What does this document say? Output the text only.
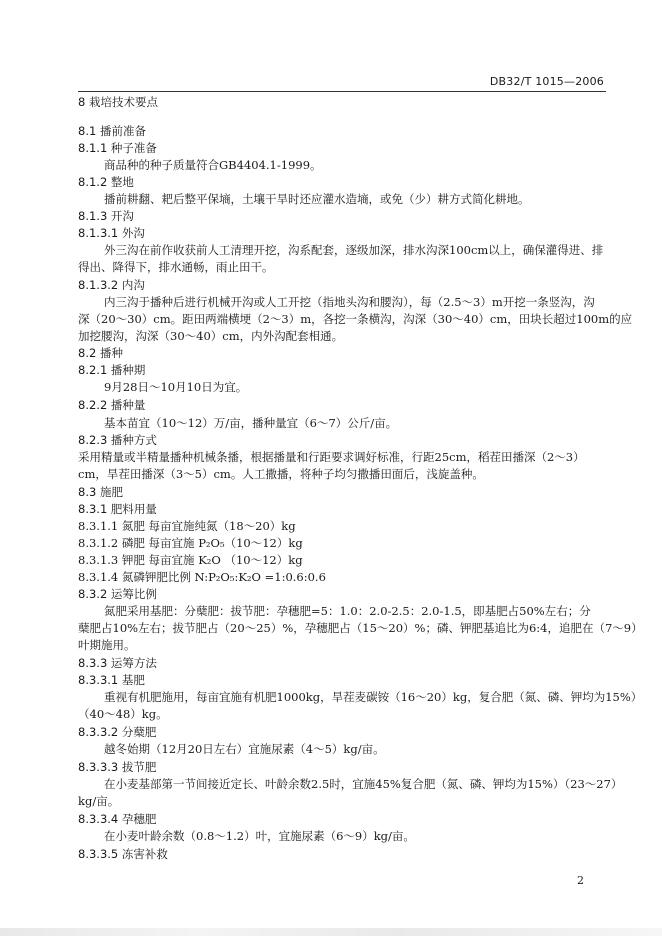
DB32/T 1015—2006
8 栽培技术要点
8.1 播前准备
8.1.1 种子准备
商品种的种子质量符合GB4404.1-1999。
8.1.2 整地
播前耕翻、耙后整平保墒，土壤干旱时还应灌水造墒，或免（少）耕方式简化耕地。
8.1.3 开沟
8.1.3.1 外沟
外三沟在前作收获前人工清理开挖，沟系配套，逐级加深，排水沟深100cm以上，确保灌得进、排
得出、降得下，排水通畅，雨止田干。
8.1.3.2 内沟
内三沟于播种后进行机械开沟或人工开挖（指地头沟和腰沟），每（2.5～3）m开挖一条竖沟，沟
深（20～30）cm。距田两端横埂（2～3）m，各挖一条横沟，沟深（30～40）cm，田块长超过100m的应
加挖腰沟，沟深（30～40）cm，内外沟配套相通。
8.2 播种
8.2.1 播种期
9月28日～10月10日为宜。
8.2.2 播种量
基本苗宜（10～12）万/亩，播种量宜（6～7）公斤/亩。
8.2.3 播种方式
采用精量或半精量播种机械条播，根据播量和行距要求调好标准，行距25cm，稻茬田播深（2～3）
cm，旱茬田播深（3～5）cm。人工撒播，将种子均匀撒播田面后，浅旋盖种。
8.3 施肥
8.3.1 肥料用量
8.3.1.1 氮肥 每亩宜施纯氮（18～20）kg
8.3.1.2 磷肥 每亩宜施 P₂O₅（10～12）kg
8.3.1.3 钾肥 每亩宜施 K₂O （10～12）kg
8.3.1.4 氮磷钾肥比例 N:P₂O₅:K₂O =1:0.6:0.6
8.3.2 运筹比例
氮肥采用基肥：分蘖肥：拔节肥：孕穗肥=5：1.0：2.0-2.5：2.0-1.5，即基肥占50%左右；分
蘖肥占10%左右；拔节肥占（20～25）%，孕穗肥占（15～20）%；磷、钾肥基追比为6:4，追肥在（7～9）
叶期施用。
8.3.3 运筹方法
8.3.3.1 基肥
重视有机肥施用，每亩宜施有机肥1000kg，旱茬麦碳铵（16～20）kg，复合肥（氮、磷、钾均为15%）
（40～48）kg。
8.3.3.2 分蘖肥
越冬始期（12月20日左右）宜施尿素（4～5）kg/亩。
8.3.3.3 拔节肥
在小麦基部第一节间接近定长、叶龄余数2.5时，宜施45%复合肥（氮、磷、钾均为15%）（23～27）
kg/亩。
8.3.3.4 孕穗肥
在小麦叶龄余数（0.8～1.2）叶，宜施尿素（6～9）kg/亩。
8.3.3.5 冻害补救
2
